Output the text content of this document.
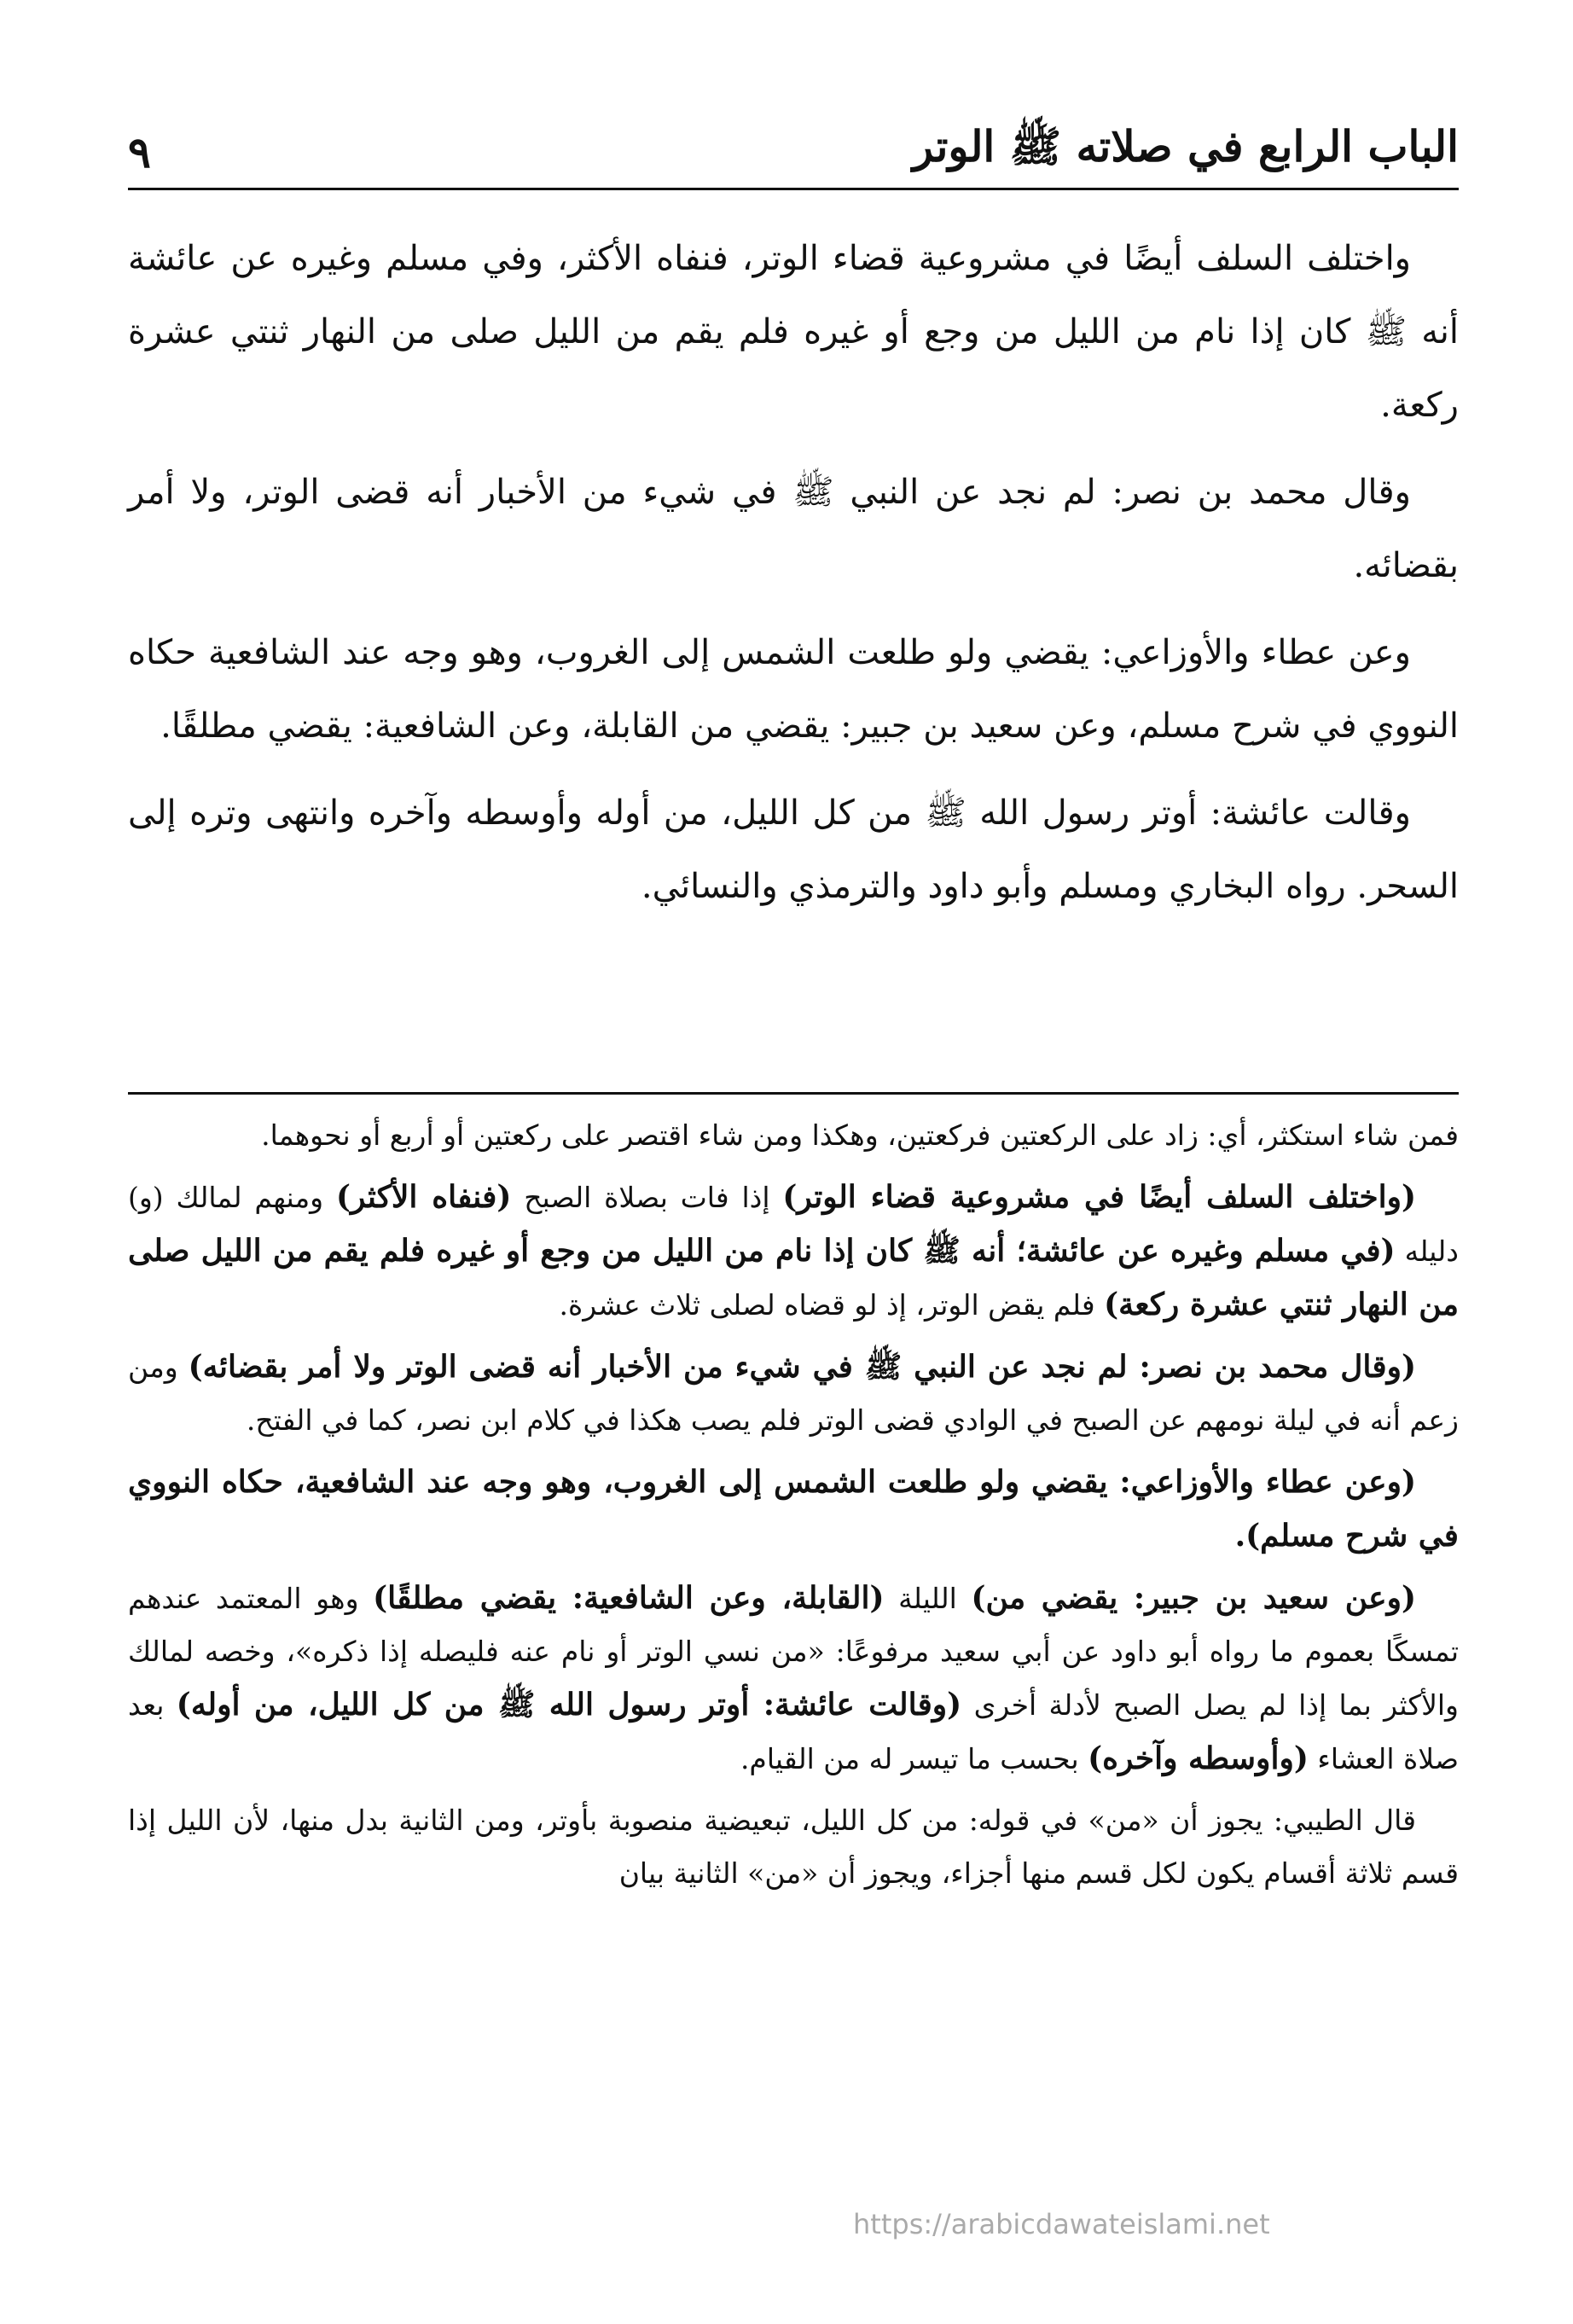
الباب الرابع في صلاته ﷺ الوتر
٩

واختلف السلف أيضًا في مشروعية قضاء الوتر، فنفاه الأكثر، وفي مسلم وغيره عن عائشة أنه ﷺ كان إذا نام من الليل من وجع أو غيره فلم يقم من الليل صلى من النهار ثنتي عشرة ركعة.

وقال محمد بن نصر: لم نجد عن النبي ﷺ في شيء من الأخبار أنه قضى الوتر، ولا أمر بقضائه.

وعن عطاء والأوزاعي: يقضي ولو طلعت الشمس إلى الغروب، وهو وجه عند الشافعية حكاه النووي في شرح مسلم، وعن سعيد بن جبير: يقضي من القابلة، وعن الشافعية: يقضي مطلقًا.

وقالت عائشة: أوتر رسول الله ﷺ من كل الليل، من أوله وأوسطه وآخره وانتهى وتره إلى السحر. رواه البخاري ومسلم وأبو داود والترمذي والنسائي.

فمن شاء استكثر، أي: زاد على الركعتين فركعتين، وهكذا ومن شاء اقتصر على ركعتين أو أربع أو نحوهما.

(واختلف السلف أيضًا في مشروعية قضاء الوتر) إذا فات بصلاة الصبح (فنفاه الأكثر) ومنهم لمالك (و) دليله (في مسلم وغيره عن عائشة؛ أنه ﷺ كان إذا نام من الليل من وجع أو غيره فلم يقم من الليل صلى من النهار ثنتي عشرة ركعة) فلم يقض الوتر، إذ لو قضاه لصلى ثلاث عشرة.

(وقال محمد بن نصر: لم نجد عن النبي ﷺ في شيء من الأخبار أنه قضى الوتر ولا أمر بقضائه) ومن زعم أنه في ليلة نومهم عن الصبح في الوادي قضى الوتر فلم يصب هكذا في كلام ابن نصر، كما في الفتح.

(وعن عطاء والأوزاعي: يقضي ولو طلعت الشمس إلى الغروب، وهو وجه عند الشافعية، حكاه النووي في شرح مسلم).

(وعن سعيد بن جبير: يقضي من) الليلة (القابلة، وعن الشافعية: يقضي مطلقًا) وهو المعتمد عندهم تمسكًا بعموم ما رواه أبو داود عن أبي سعيد مرفوعًا: «من نسي الوتر أو نام عنه فليصله إذا ذكره»، وخصه لمالك والأكثر بما إذا لم يصل الصبح لأدلة أخرى (وقالت عائشة: أوتر رسول الله ﷺ من كل الليل، من أوله) بعد صلاة العشاء (وأوسطه وآخره) بحسب ما تيسر له من القيام.

قال الطيبي: يجوز أن «من» في قوله: من كل الليل، تبعيضية منصوبة بأوتر، ومن الثانية بدل منها، لأن الليل إذا قسم ثلاثة أقسام يكون لكل قسم منها أجزاء، ويجوز أن «من» الثانية بيان

https://arabicdawateislami.net
